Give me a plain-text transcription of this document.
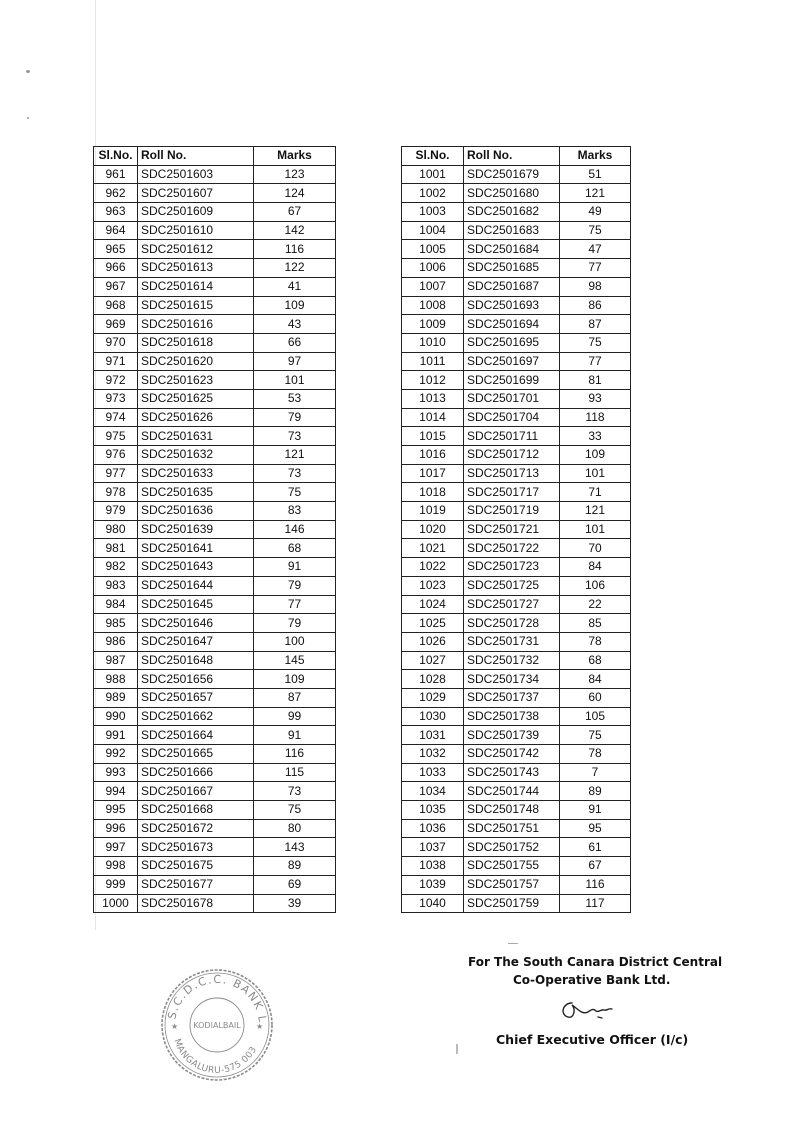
Sl.No.	Roll No.	Marks
961	SDC2501603	123
962	SDC2501607	124
963	SDC2501609	67
964	SDC2501610	142
965	SDC2501612	116
966	SDC2501613	122
967	SDC2501614	41
968	SDC2501615	109
969	SDC2501616	43
970	SDC2501618	66
971	SDC2501620	97
972	SDC2501623	101
973	SDC2501625	53
974	SDC2501626	79
975	SDC2501631	73
976	SDC2501632	121
977	SDC2501633	73
978	SDC2501635	75
979	SDC2501636	83
980	SDC2501639	146
981	SDC2501641	68
982	SDC2501643	91
983	SDC2501644	79
984	SDC2501645	77
985	SDC2501646	79
986	SDC2501647	100
987	SDC2501648	145
988	SDC2501656	109
989	SDC2501657	87
990	SDC2501662	99
991	SDC2501664	91
992	SDC2501665	116
993	SDC2501666	115
994	SDC2501667	73
995	SDC2501668	75
996	SDC2501672	80
997	SDC2501673	143
998	SDC2501675	89
999	SDC2501677	69
1000	SDC2501678	39
Sl.No.	Roll No.	Marks
1001	SDC2501679	51
1002	SDC2501680	121
1003	SDC2501682	49
1004	SDC2501683	75
1005	SDC2501684	47
1006	SDC2501685	77
1007	SDC2501687	98
1008	SDC2501693	86
1009	SDC2501694	87
1010	SDC2501695	75
1011	SDC2501697	77
1012	SDC2501699	81
1013	SDC2501701	93
1014	SDC2501704	118
1015	SDC2501711	33
1016	SDC2501712	109
1017	SDC2501713	101
1018	SDC2501717	71
1019	SDC2501719	121
1020	SDC2501721	101
1021	SDC2501722	70
1022	SDC2501723	84
1023	SDC2501725	106
1024	SDC2501727	22
1025	SDC2501728	85
1026	SDC2501731	78
1027	SDC2501732	68
1028	SDC2501734	84
1029	SDC2501737	60
1030	SDC2501738	105
1031	SDC2501739	75
1032	SDC2501742	78
1033	SDC2501743	7
1034	SDC2501744	89
1035	SDC2501748	91
1036	SDC2501751	95
1037	SDC2501752	61
1038	SDC2501755	67
1039	SDC2501757	116
1040	SDC2501759	117
S.C.D.C.C. BANK L
MANGALURU-575 003
KODIALBAIL
★	★
For The South Canara District Central
Co-Operative Bank Ltd.
Chief Executive Officer (I/c)
